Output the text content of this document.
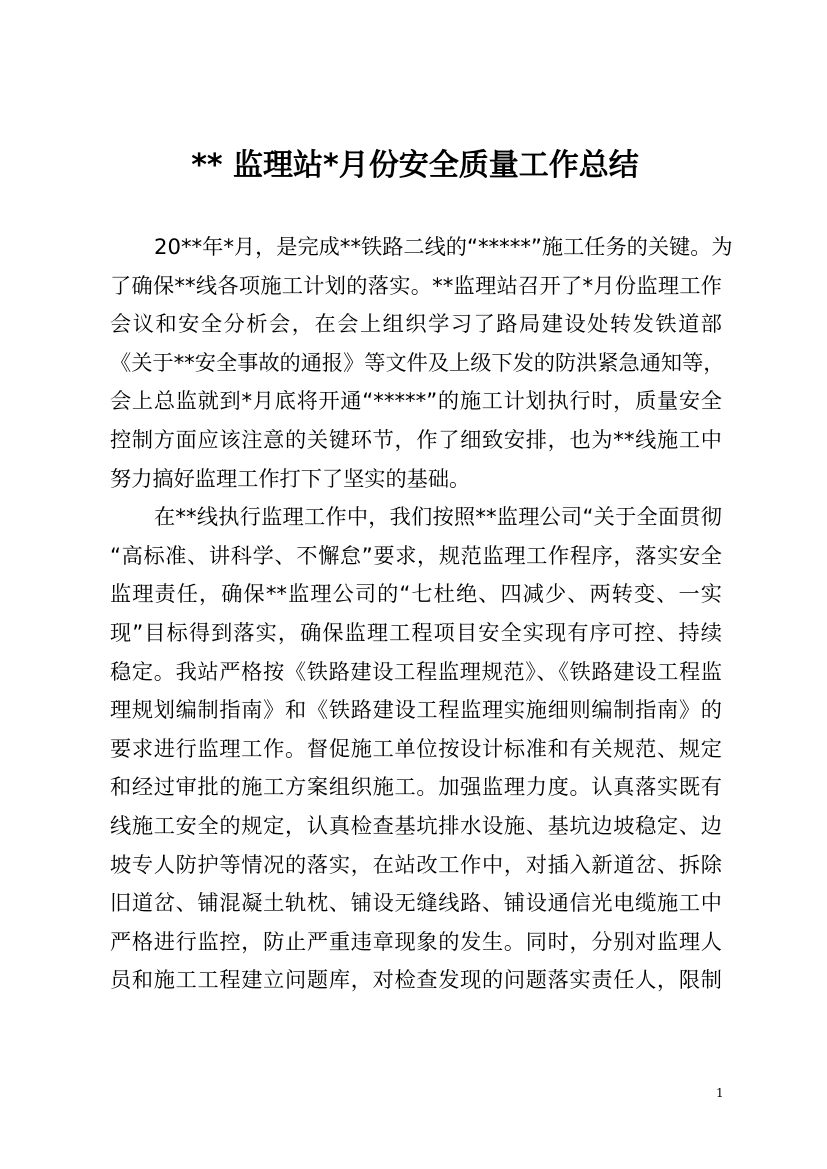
** 监理站*月份安全质量工作总结

20**年*月，是完成**铁路二线的“*****”施工任务的关键。为
了确保**线各项施工计划的落实。**监理站召开了*月份监理工作
会议和安全分析会，在会上组织学习了路局建设处转发铁道部
《关于**安全事故的通报》等文件及上级下发的防洪紧急通知等，
会上总监就到*月底将开通“*****”的施工计划执行时，质量安全
控制方面应该注意的关键环节，作了细致安排，也为**线施工中
努力搞好监理工作打下了坚实的基础。

在**线执行监理工作中，我们按照**监理公司“关于全面贯彻
“高标准、讲科学、不懈怠”要求，规范监理工作程序，落实安全
监理责任，确保**监理公司的“七杜绝、四减少、两转变、一实
现”目标得到落实，确保监理工程项目安全实现有序可控、持续
稳定。我站严格按《铁路建设工程监理规范》、《铁路建设工程监
理规划编制指南》和《铁路建设工程监理实施细则编制指南》的
要求进行监理工作。督促施工单位按设计标准和有关规范、规定
和经过审批的施工方案组织施工。加强监理力度。认真落实既有
线施工安全的规定，认真检查基坑排水设施、基坑边坡稳定、边
坡专人防护等情况的落实，在站改工作中，对插入新道岔、拆除
旧道岔、铺混凝土轨枕、铺设无缝线路、铺设通信光电缆施工中
严格进行监控，防止严重违章现象的发生。同时，分别对监理人
员和施工工程建立问题库，对检查发现的问题落实责任人，限制

1
